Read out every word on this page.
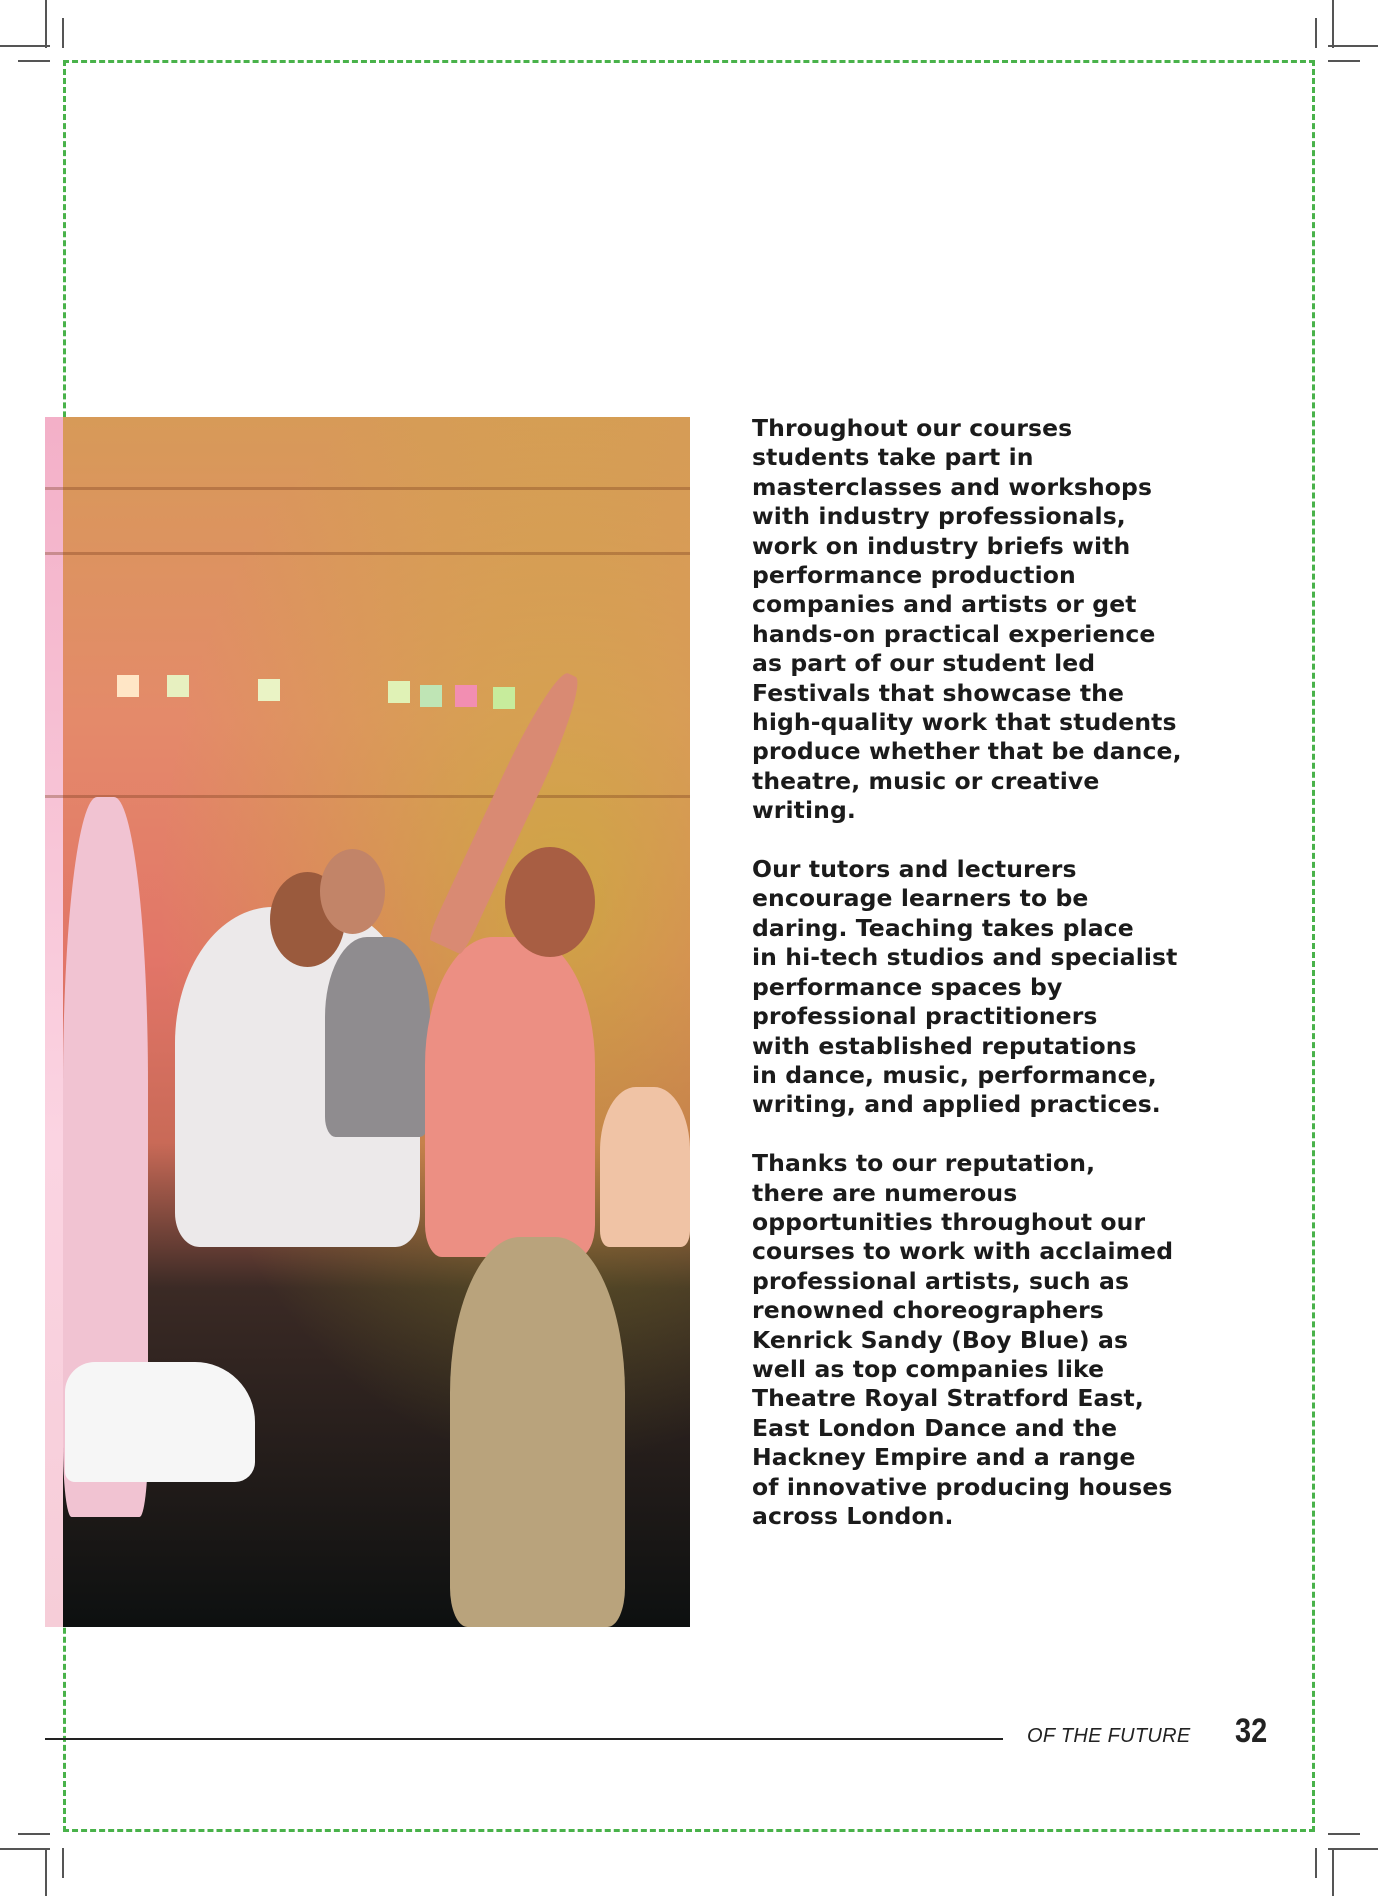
Throughout our courses
students take part in
masterclasses and workshops
with industry professionals,
work on industry briefs with
performance production
companies and artists or get
hands-on practical experience
as part of our student led
Festivals that showcase the
high-quality work that students
produce whether that be dance,
theatre, music or creative
writing.

Our tutors and lecturers
encourage learners to be
daring. Teaching takes place
in hi-tech studios and specialist
performance spaces by
professional practitioners
with established reputations
in dance, music, performance,
writing, and applied practices.

Thanks to our reputation,
there are numerous
opportunities throughout our
courses to work with acclaimed
professional artists, such as
renowned choreographers
Kenrick Sandy (Boy Blue) as
well as top companies like
Theatre Royal Stratford East,
East London Dance and the
Hackney Empire and a range
of innovative producing houses
across London.

OF THE FUTURE 32
